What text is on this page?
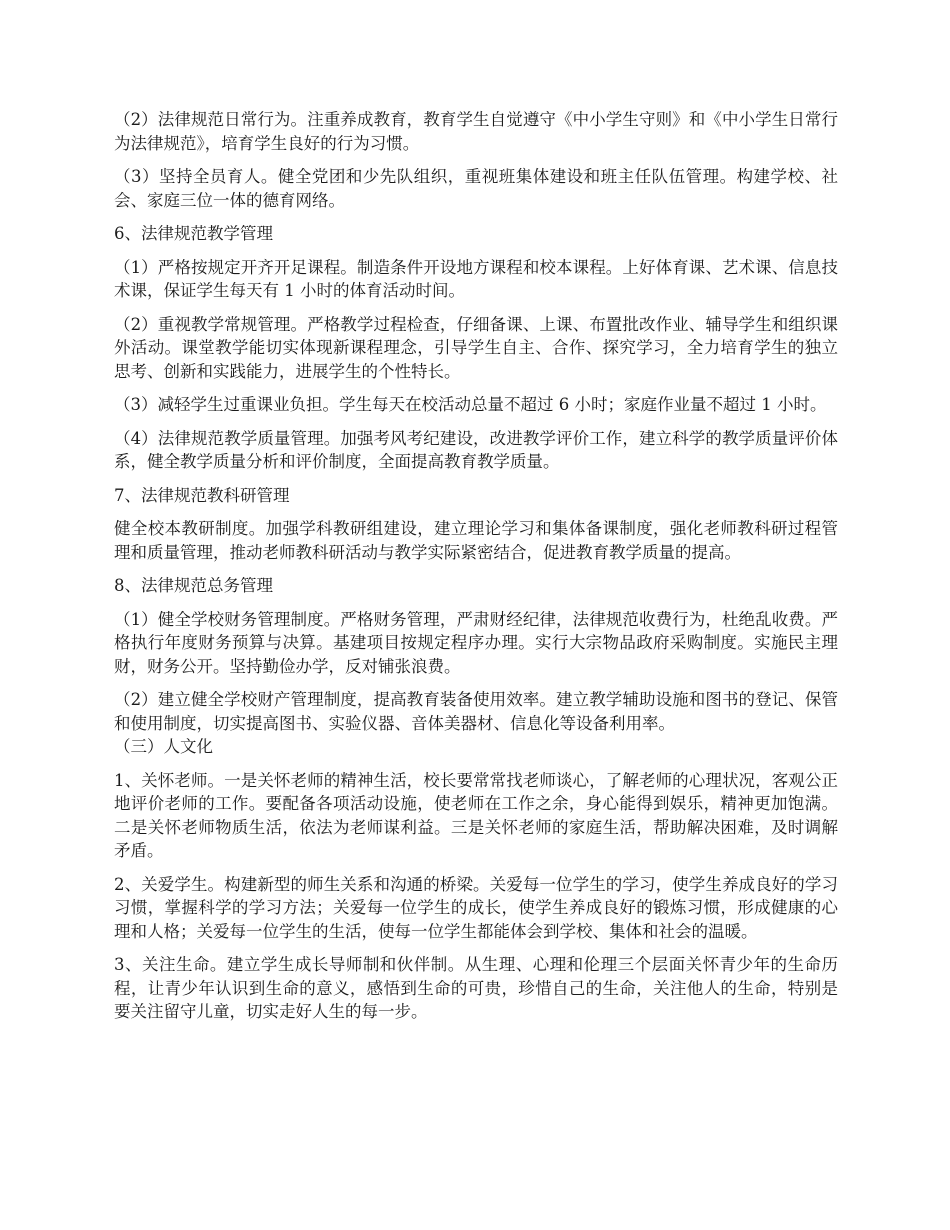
（2）法律规范日常行为。注重养成教育，教育学生自觉遵守《中小学生守则》和《中小学生日常行为法律规范》，培育学生良好的行为习惯。

（3）坚持全员育人。健全党团和少先队组织，重视班集体建设和班主任队伍管理。构建学校、社会、家庭三位一体的德育网络。

6、法律规范教学管理

（1）严格按规定开齐开足课程。制造条件开设地方课程和校本课程。上好体育课、艺术课、信息技术课，保证学生每天有 1 小时的体育活动时间。

（2）重视教学常规管理。严格教学过程检查，仔细备课、上课、布置批改作业、辅导学生和组织课外活动。课堂教学能切实体现新课程理念，引导学生自主、合作、探究学习，全力培育学生的独立思考、创新和实践能力，进展学生的个性特长。

（3）减轻学生过重课业负担。学生每天在校活动总量不超过 6 小时；家庭作业量不超过 1 小时。

（4）法律规范教学质量管理。加强考风考纪建设，改进教学评价工作，建立科学的教学质量评价体系，健全教学质量分析和评价制度，全面提高教育教学质量。

7、法律规范教科研管理

健全校本教研制度。加强学科教研组建设，建立理论学习和集体备课制度，强化老师教科研过程管理和质量管理，推动老师教科研活动与教学实际紧密结合，促进教育教学质量的提高。

8、法律规范总务管理

（1）健全学校财务管理制度。严格财务管理，严肃财经纪律，法律规范收费行为，杜绝乱收费。严格执行年度财务预算与决算。基建项目按规定程序办理。实行大宗物品政府采购制度。实施民主理财，财务公开。坚持勤俭办学，反对铺张浪费。

（2）建立健全学校财产管理制度，提高教育装备使用效率。建立教学辅助设施和图书的登记、保管和使用制度，切实提高图书、实验仪器、音体美器材、信息化等设备利用率。

（三）人文化

1、关怀老师。一是关怀老师的精神生活，校长要常常找老师谈心，了解老师的心理状况，客观公正地评价老师的工作。要配备各项活动设施，使老师在工作之余，身心能得到娱乐，精神更加饱满。二是关怀老师物质生活，依法为老师谋利益。三是关怀老师的家庭生活，帮助解决困难，及时调解矛盾。

2、关爱学生。构建新型的师生关系和沟通的桥梁。关爱每一位学生的学习，使学生养成良好的学习习惯，掌握科学的学习方法；关爱每一位学生的成长，使学生养成良好的锻炼习惯，形成健康的心理和人格；关爱每一位学生的生活，使每一位学生都能体会到学校、集体和社会的温暖。

3、关注生命。建立学生成长导师制和伙伴制。从生理、心理和伦理三个层面关怀青少年的生命历程，让青少年认识到生命的意义，感悟到生命的可贵，珍惜自己的生命，关注他人的生命，特别是要关注留守儿童，切实走好人生的每一步。
